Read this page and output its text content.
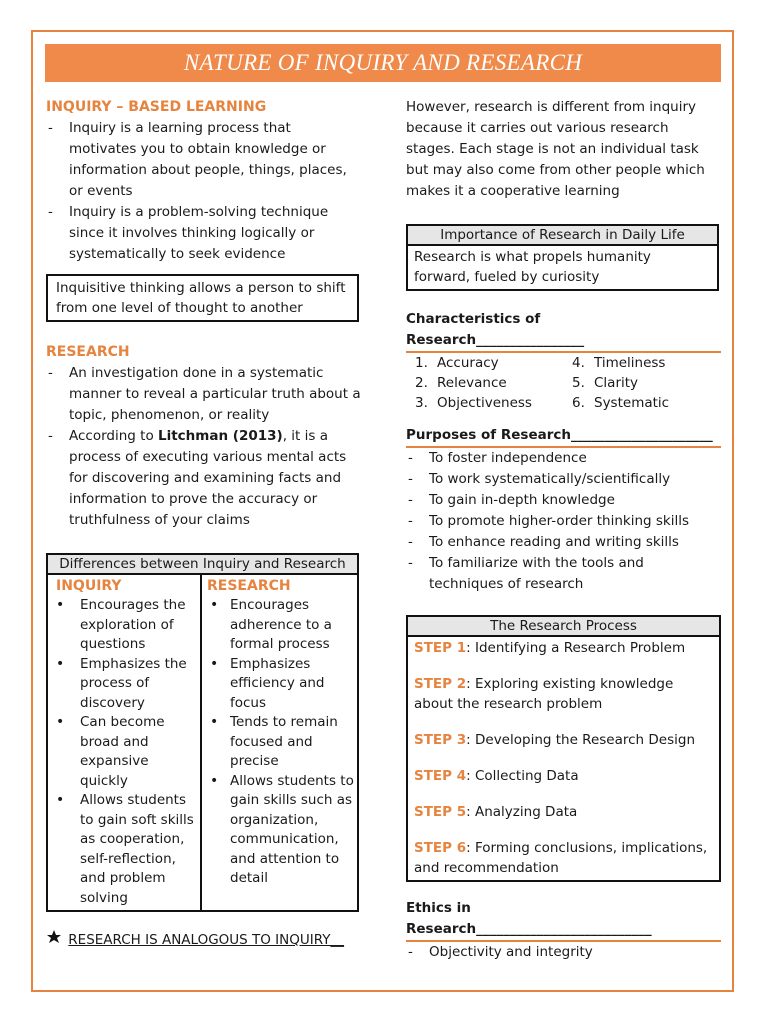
NATURE OF INQUIRY AND RESEARCH

INQUIRY – BASED LEARNING

- Inquiry is a learning process that motivates you to obtain knowledge or information about people, things, places, or events

- Inquiry is a problem-solving technique since it involves thinking logically or systematically to seek evidence

Inquisitive thinking allows a person to shift from one level of thought to another

RESEARCH

- An investigation done in a systematic manner to reveal a particular truth about a topic, phenomenon, or reality

- According to Litchman (2013), it is a process of executing various mental acts for discovering and examining facts and information to prove the accuracy or truthfulness of your claims

Differences between Inquiry and Research
INQUIRY

• Encourages the exploration of questions

• Emphasizes the process of discovery

• Can become broad and expansive quickly

• Allows students to gain soft skills as cooperation, self-reflection, and problem solving

RESEARCH

• Encourages adherence to a formal process

• Emphasizes efficiency and focus

• Tends to remain focused and precise

• Allows students to gain skills such as organization, communication, and attention to detail

RESEARCH IS ANALOGOUS TO INQUIRY__

However, research is different from inquiry because it carries out various research stages. Each stage is not an individual task but may also come from other people which makes it a cooperative learning

Importance of Research in Daily Life
Research is what propels humanity forward, fueled by curiosity
Characteristics of Research________________
1. Accuracy	4. Timeliness
2. Relevance	5. Clarity
3. Objectiveness	6. Systematic
Purposes of Research_____________________

- To foster independence

- To work systematically/scientifically

- To gain in-depth knowledge

- To promote higher-order thinking skills

- To enhance reading and writing skills

- To familiarize with the tools and techniques of research

The Research Process

STEP 1: Identifying a Research Problem

STEP 2: Exploring existing knowledge about the research problem

STEP 3: Developing the Research Design

STEP 4: Collecting Data

STEP 5: Analyzing Data

STEP 6: Forming conclusions, implications, and recommendation

Ethics in Research__________________________

- Objectivity and integrity
